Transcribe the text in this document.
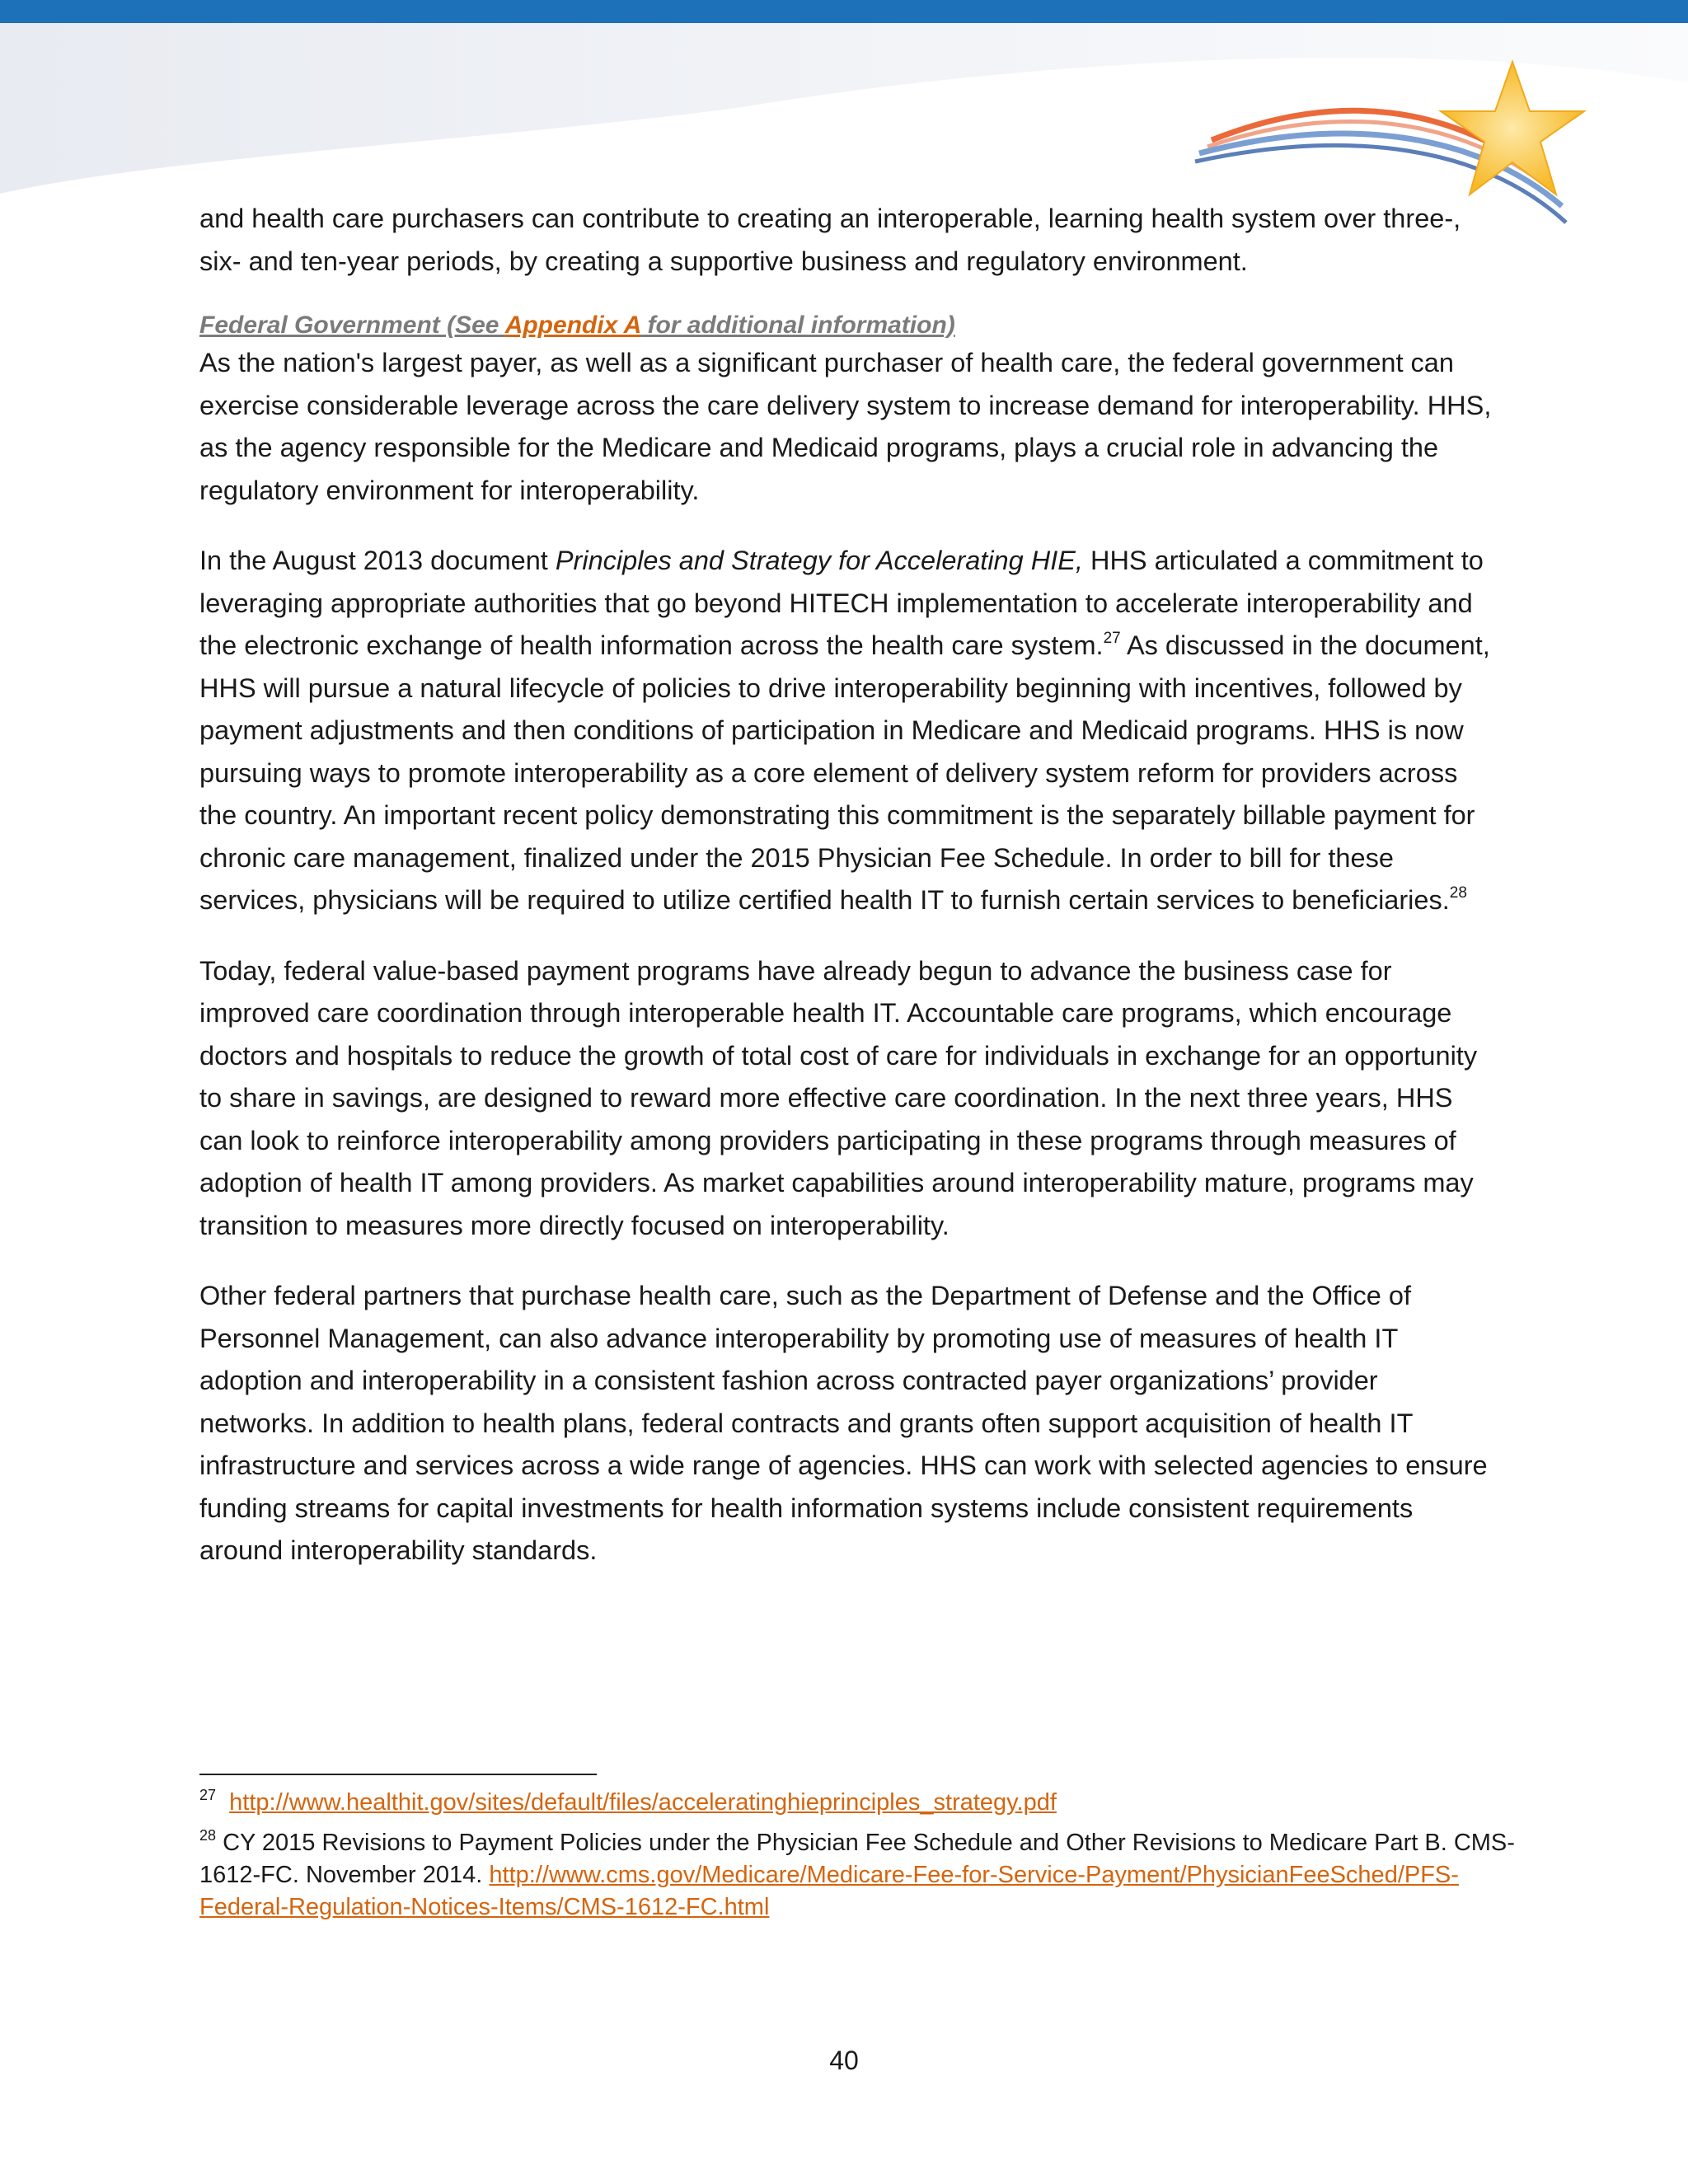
and health care purchasers can contribute to creating an interoperable, learning health system over three-, six- and ten-year periods, by creating a supportive business and regulatory environment.

Federal Government (See Appendix A for additional information)

As the nation's largest payer, as well as a significant purchaser of health care, the federal government can exercise considerable leverage across the care delivery system to increase demand for interoperability. HHS, as the agency responsible for the Medicare and Medicaid programs, plays a crucial role in advancing the regulatory environment for interoperability.

In the August 2013 document Principles and Strategy for Accelerating HIE, HHS articulated a commitment to leveraging appropriate authorities that go beyond HITECH implementation to accelerate interoperability and the electronic exchange of health information across the health care system.$^{27}$ As discussed in the document, HHS will pursue a natural lifecycle of policies to drive interoperability beginning with incentives, followed by payment adjustments and then conditions of participation in Medicare and Medicaid programs. HHS is now pursuing ways to promote interoperability as a core element of delivery system reform for providers across the country. An important recent policy demonstrating this commitment is the separately billable payment for chronic care management, finalized under the 2015 Physician Fee Schedule. In order to bill for these services, physicians will be required to utilize certified health IT to furnish certain services to beneficiaries.$^{28}$

Today, federal value-based payment programs have already begun to advance the business case for improved care coordination through interoperable health IT. Accountable care programs, which encourage doctors and hospitals to reduce the growth of total cost of care for individuals in exchange for an opportunity to share in savings, are designed to reward more effective care coordination. In the next three years, HHS can look to reinforce interoperability among providers participating in these programs through measures of adoption of health IT among providers. As market capabilities around interoperability mature, programs may transition to measures more directly focused on interoperability.

Other federal partners that purchase health care, such as the Department of Defense and the Office of Personnel Management, can also advance interoperability by promoting use of measures of health IT adoption and interoperability in a consistent fashion across contracted payer organizations’ provider networks. In addition to health plans, federal contracts and grants often support acquisition of health IT infrastructure and services across a wide range of agencies. HHS can work with selected agencies to ensure funding streams for capital investments for health information systems include consistent requirements around interoperability standards.

$^{27}$ http://www.healthit.gov/sites/default/files/acceleratinghieprinciples_strategy.pdf

$^{28}$ CY 2015 Revisions to Payment Policies under the Physician Fee Schedule and Other Revisions to Medicare Part B. CMS-1612-FC. November 2014. http://www.cms.gov/Medicare/Medicare-Fee-for-Service-Payment/PhysicianFeeSched/PFS-Federal-Regulation-Notices-Items/CMS-1612-FC.html

40
